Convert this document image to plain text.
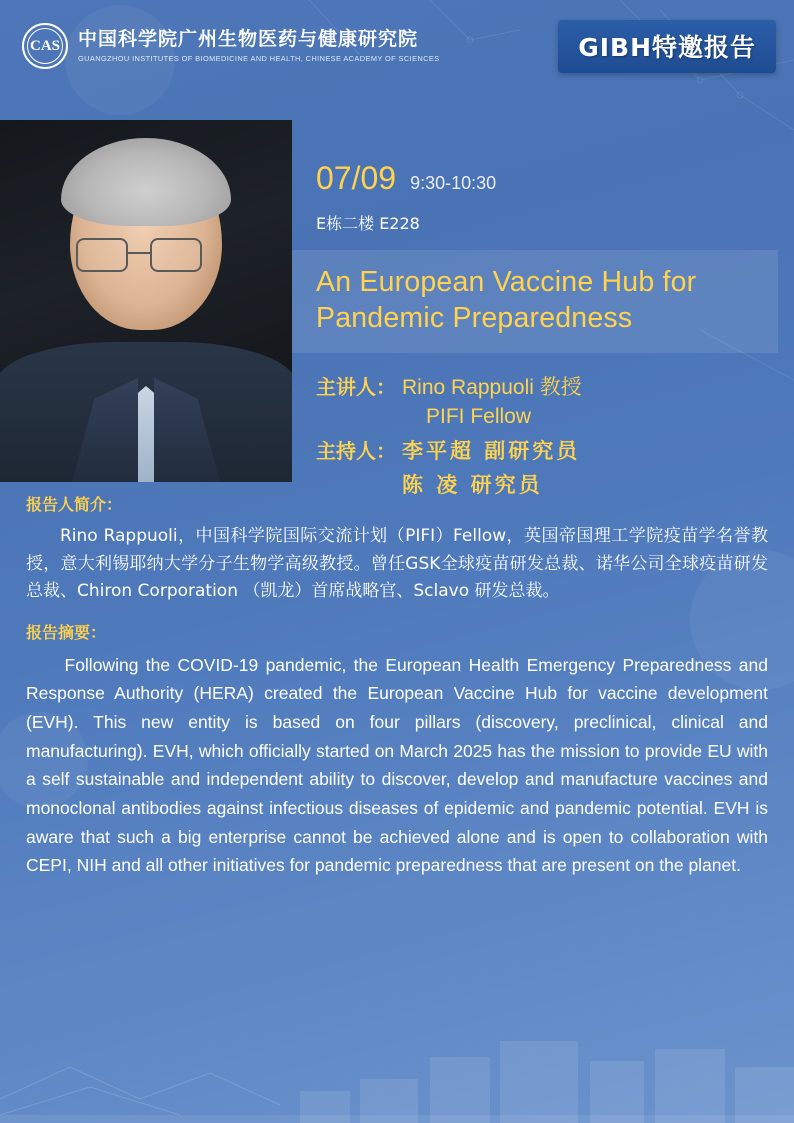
CAS 中国科学院广州生物医药与健康研究院
GUANGZHOU INSTITUTES OF BIOMEDICINE AND HEALTH, CHINESE ACADEMY OF SCIENCES	GIBH特邀报告
07/09 9:30-10:30
E栋二楼 E228
An European Vaccine Hub for Pandemic Preparedness
主讲人： Rino Rappuoli 教授
PIFI Fellow
主持人： 李平超 副研究员
陈 凌 研究员
报告人简介：
Rino Rappuoli，中国科学院国际交流计划（PIFI）Fellow，英国帝国理工学院疫苗学名誉教授，意大利锡耶纳大学分子生物学高级教授。曾任GSK全球疫苗研发总裁、诺华公司全球疫苗研发总裁、Chiron Corporation （凯龙）首席战略官、Sclavo 研发总裁。
报告摘要：
Following the COVID-19 pandemic, the European Health Emergency Preparedness and Response Authority (HERA) created the European Vaccine Hub for vaccine development (EVH). This new entity is based on four pillars (discovery, preclinical, clinical and manufacturing). EVH, which officially started on March 2025 has the mission to provide EU with a self sustainable and independent ability to discover, develop and manufacture vaccines and monoclonal antibodies against infectious diseases of epidemic and pandemic potential. EVH is aware that such a big enterprise cannot be achieved alone and is open to collaboration with CEPI, NIH and all other initiatives for pandemic preparedness that are present on the planet.
